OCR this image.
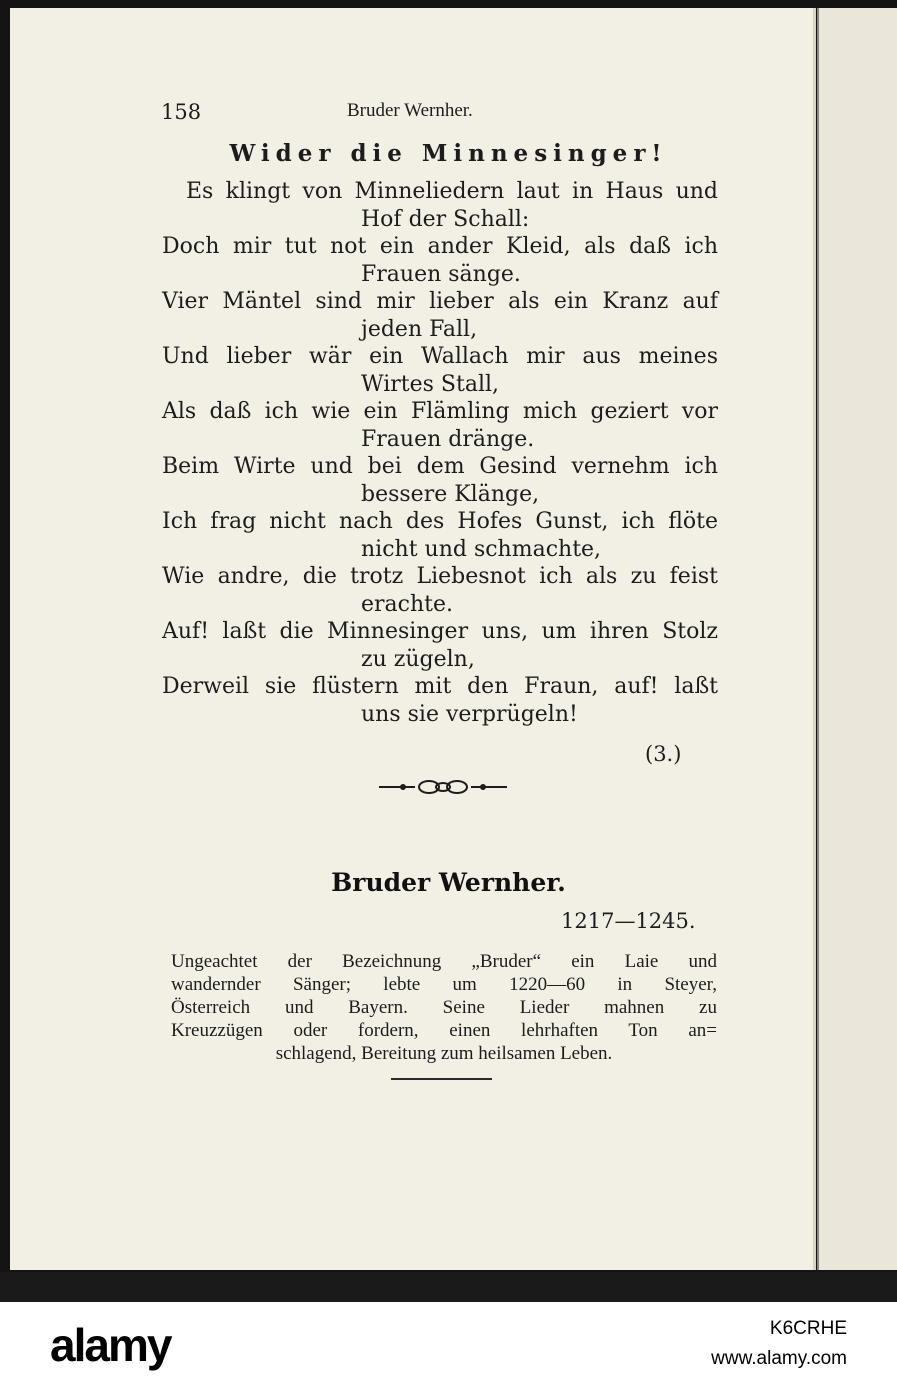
158	Bruder Wernher.
Wider die Minnesinger!
Es klingt von Minneliedern laut in Haus und
Hof der Schall:
Doch mir tut not ein ander Kleid, als daß ich
Frauen sänge.
Vier Mäntel sind mir lieber als ein Kranz auf
jeden Fall,
Und lieber wär ein Wallach mir aus meines
Wirtes Stall,
Als daß ich wie ein Flämling mich geziert vor
Frauen dränge.
Beim Wirte und bei dem Gesind vernehm ich
bessere Klänge,
Ich frag nicht nach des Hofes Gunst, ich flöte
nicht und schmachte,
Wie andre, die trotz Liebesnot ich als zu feist
erachte.
Auf! laßt die Minnesinger uns, um ihren Stolz
zu zügeln,
Derweil sie flüstern mit den Fraun, auf! laßt
uns sie verprügeln!
(3.)
Bruder Wernher.
1217—1245.
Ungeachtet der Bezeichnung „Bruder“ ein Laie und
wandernder Sänger; lebte um 1220—60 in Steyer,
Österreich und Bayern. Seine Lieder mahnen zu
Kreuzzügen oder fordern, einen lehrhaften Ton an=
schlagend, Bereitung zum heilsamen Leben.
alamy	K6CRHE
www.alamy.com
